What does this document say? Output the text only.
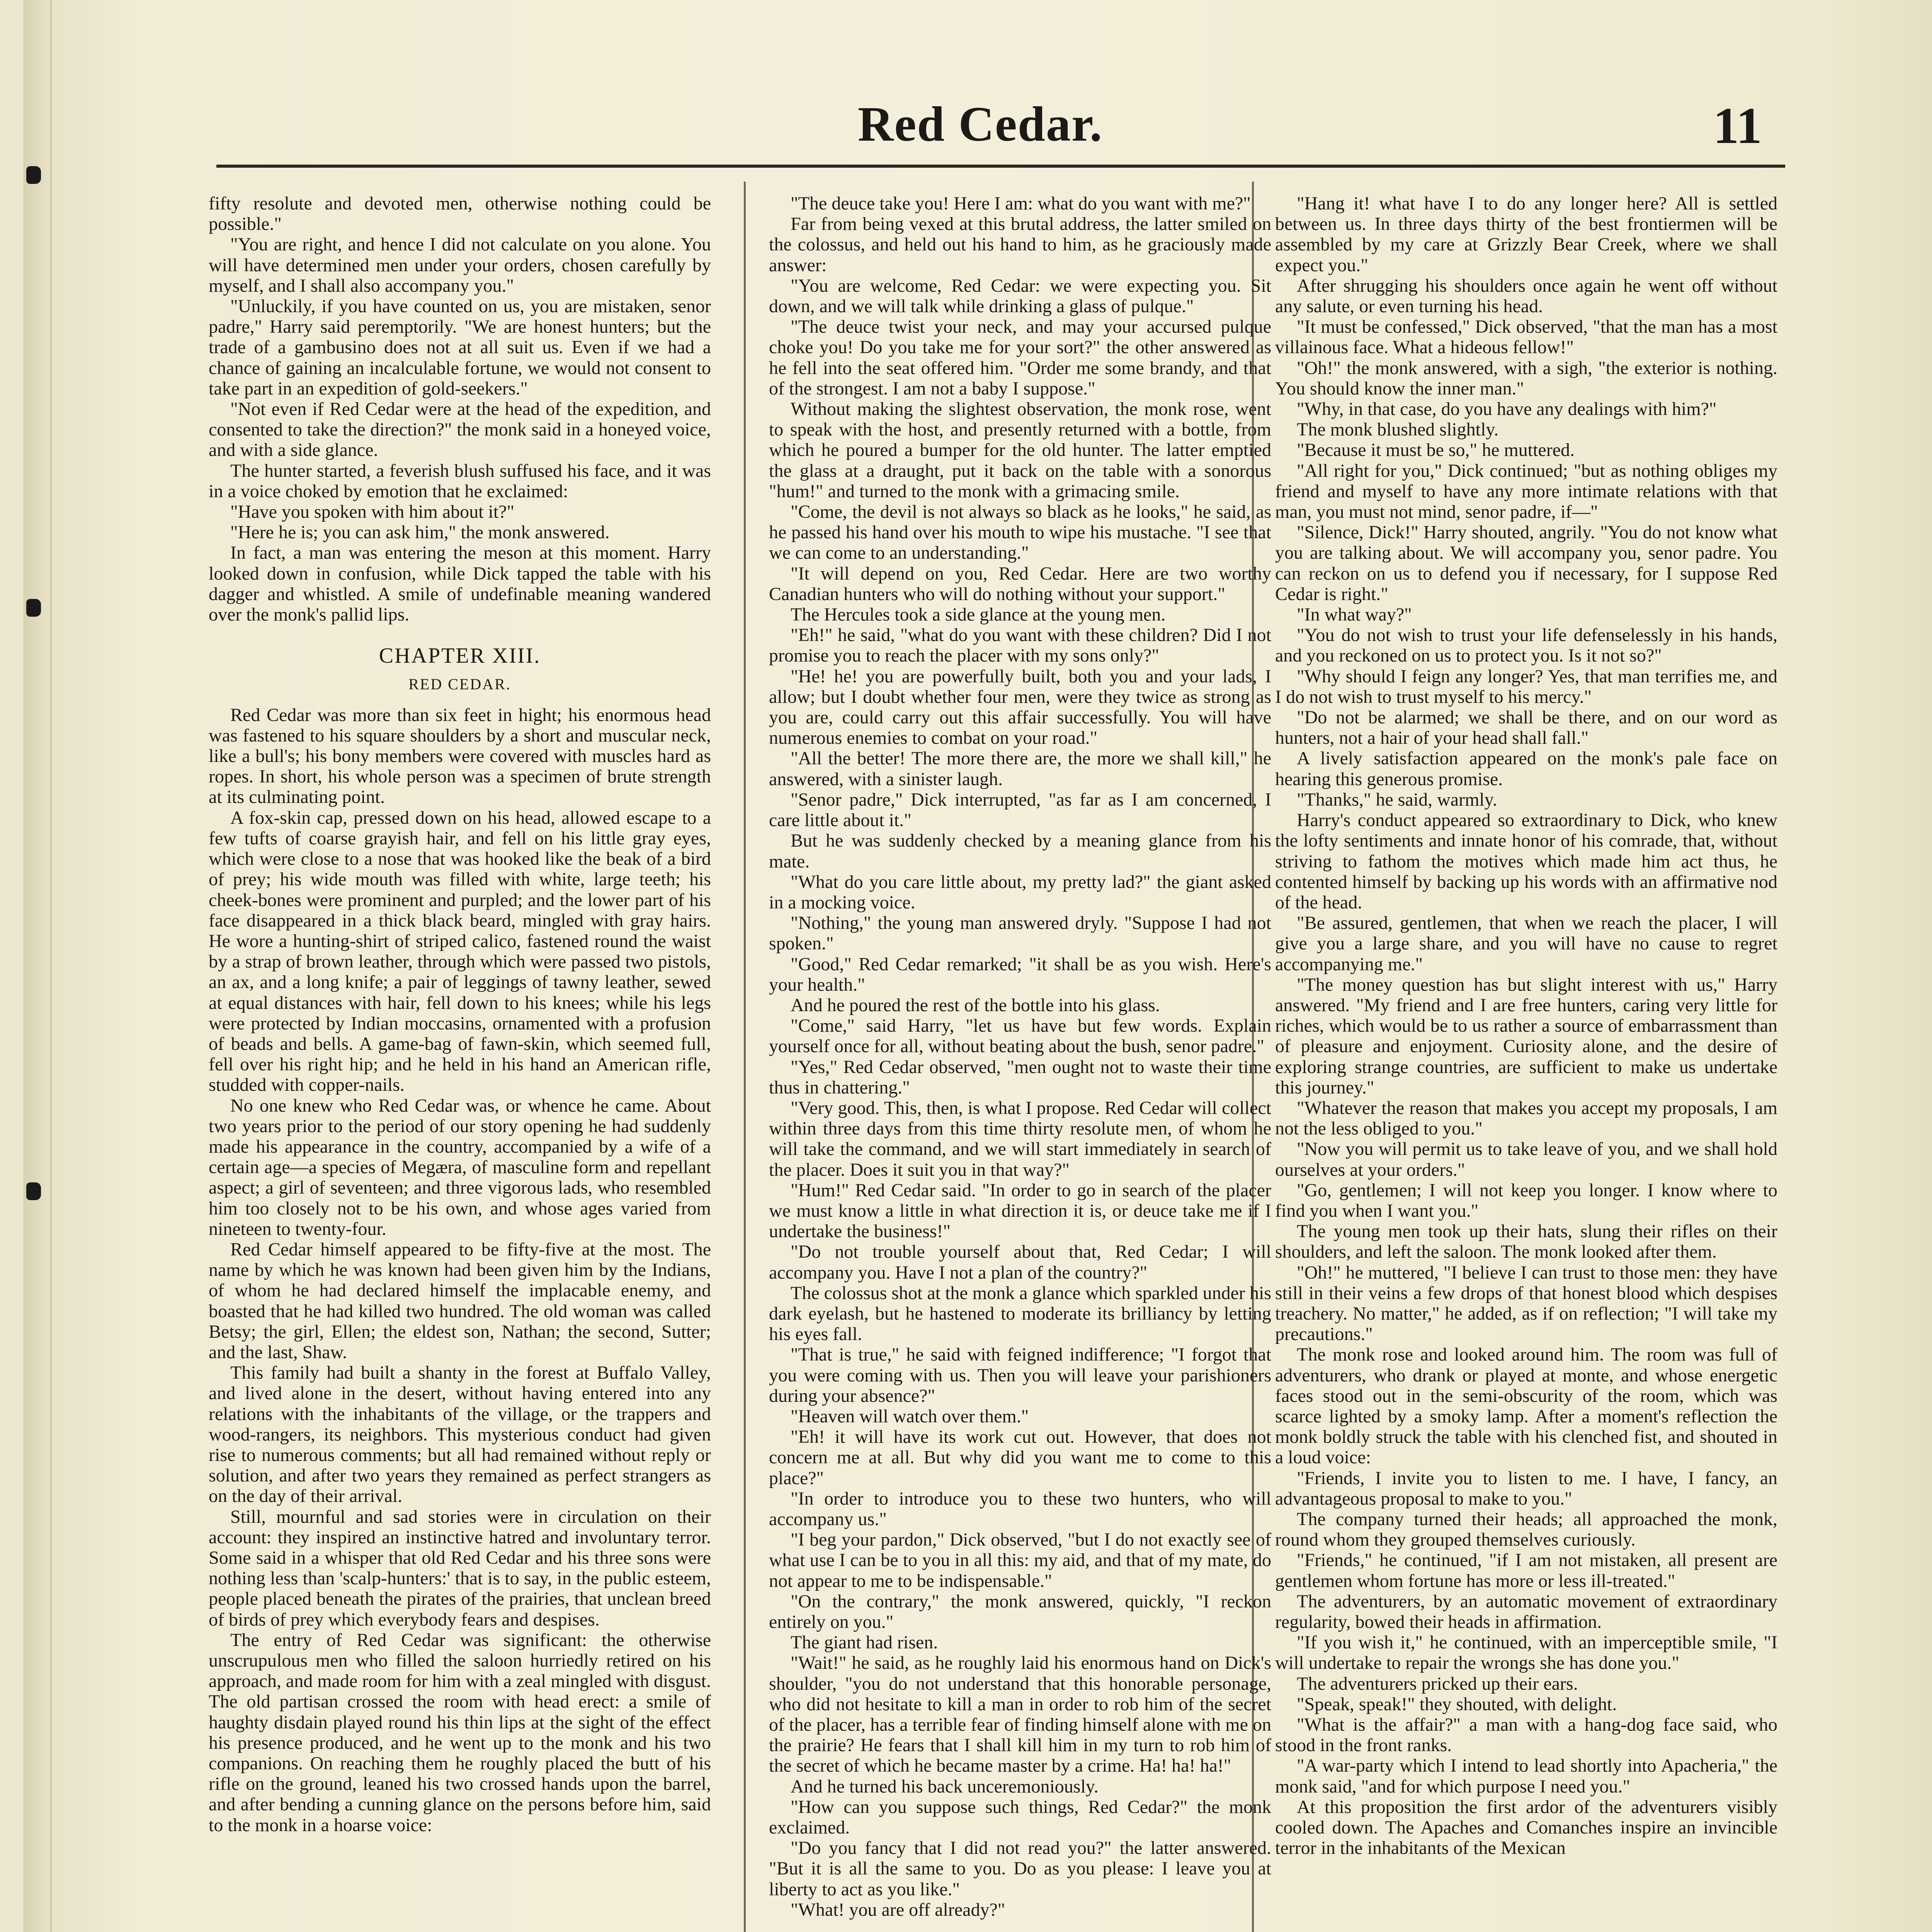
Red Cedar.	11

fifty resolute and devoted men, otherwise nothing could be possible."

"You are right, and hence I did not calculate on you alone. You will have determined men under your orders, chosen carefully by myself, and I shall also accompany you."

"Unluckily, if you have counted on us, you are mistaken, senor padre," Harry said peremptorily. "We are honest hunters; but the trade of a gambusino does not at all suit us. Even if we had a chance of gaining an incalculable fortune, we would not consent to take part in an expedition of gold-seekers."

"Not even if Red Cedar were at the head of the expedition, and consented to take the direction?" the monk said in a honeyed voice, and with a side glance.

The hunter started, a feverish blush suffused his face, and it was in a voice choked by emotion that he exclaimed:

"Have you spoken with him about it?"

"Here he is; you can ask him," the monk answered.

In fact, a man was entering the meson at this moment. Harry looked down in confusion, while Dick tapped the table with his dagger and whistled. A smile of undefinable meaning wandered over the monk's pallid lips.

CHAPTER XIII.
RED CEDAR.

Red Cedar was more than six feet in hight; his enormous head was fastened to his square shoulders by a short and muscular neck, like a bull's; his bony members were covered with muscles hard as ropes. In short, his whole person was a specimen of brute strength at its culminating point.

A fox-skin cap, pressed down on his head, allowed escape to a few tufts of coarse grayish hair, and fell on his little gray eyes, which were close to a nose that was hooked like the beak of a bird of prey; his wide mouth was filled with white, large teeth; his cheek-bones were prominent and purpled; and the lower part of his face disappeared in a thick black beard, mingled with gray hairs. He wore a hunting-shirt of striped calico, fastened round the waist by a strap of brown leather, through which were passed two pistols, an ax, and a long knife; a pair of leggings of tawny leather, sewed at equal distances with hair, fell down to his knees; while his legs were protected by Indian moccasins, ornamented with a profusion of beads and bells. A game-bag of fawn-skin, which seemed full, fell over his right hip; and he held in his hand an American rifle, studded with copper-nails.

No one knew who Red Cedar was, or whence he came. About two years prior to the period of our story opening he had suddenly made his appearance in the country, accompanied by a wife of a certain age—a species of Megæra, of masculine form and repellant aspect; a girl of seventeen; and three vigorous lads, who resembled him too closely not to be his own, and whose ages varied from nineteen to twenty-four.

Red Cedar himself appeared to be fifty-five at the most. The name by which he was known had been given him by the Indians, of whom he had declared himself the implacable enemy, and boasted that he had killed two hundred. The old woman was called Betsy; the girl, Ellen; the eldest son, Nathan; the second, Sutter; and the last, Shaw.

This family had built a shanty in the forest at Buffalo Valley, and lived alone in the desert, without having entered into any relations with the inhabitants of the village, or the trappers and wood-rangers, its neighbors. This mysterious conduct had given rise to numerous comments; but all had remained without reply or solution, and after two years they remained as perfect strangers as on the day of their arrival.

Still, mournful and sad stories were in circulation on their account: they inspired an instinctive hatred and involuntary terror. Some said in a whisper that old Red Cedar and his three sons were nothing less than 'scalp-hunters:' that is to say, in the public esteem, people placed beneath the pirates of the prairies, that unclean breed of birds of prey which everybody fears and despises.

The entry of Red Cedar was significant: the otherwise unscrupulous men who filled the saloon hurriedly retired on his approach, and made room for him with a zeal mingled with disgust. The old partisan crossed the room with head erect: a smile of haughty disdain played round his thin lips at the sight of the effect his presence produced, and he went up to the monk and his two companions. On reaching them he roughly placed the butt of his rifle on the ground, leaned his two crossed hands upon the barrel, and after bending a cunning glance on the persons before him, said to the monk in a hoarse voice:

"The deuce take you! Here I am: what do you want with me?"

Far from being vexed at this brutal address, the latter smiled on the colossus, and held out his hand to him, as he graciously made answer:

"You are welcome, Red Cedar: we were expecting you. Sit down, and we will talk while drinking a glass of pulque."

"The deuce twist your neck, and may your accursed pulque choke you! Do you take me for your sort?" the other answered as he fell into the seat offered him. "Order me some brandy, and that of the strongest. I am not a baby I suppose."

Without making the slightest observation, the monk rose, went to speak with the host, and presently returned with a bottle, from which he poured a bumper for the old hunter. The latter emptied the glass at a draught, put it back on the table with a sonorous "hum!" and turned to the monk with a grimacing smile.

"Come, the devil is not always so black as he looks," he said, as he passed his hand over his mouth to wipe his mustache. "I see that we can come to an understanding."

"It will depend on you, Red Cedar. Here are two worthy Canadian hunters who will do nothing without your support."

The Hercules took a side glance at the young men.

"Eh!" he said, "what do you want with these children? Did I not promise you to reach the placer with my sons only?"

"He! he! you are powerfully built, both you and your lads, I allow; but I doubt whether four men, were they twice as strong as you are, could carry out this affair successfully. You will have numerous enemies to combat on your road."

"All the better! The more there are, the more we shall kill," he answered, with a sinister laugh.

"Senor padre," Dick interrupted, "as far as I am concerned, I care little about it."

But he was suddenly checked by a meaning glance from his mate.

"What do you care little about, my pretty lad?" the giant asked in a mocking voice.

"Nothing," the young man answered dryly. "Suppose I had not spoken."

"Good," Red Cedar remarked; "it shall be as you wish. Here's your health."

And he poured the rest of the bottle into his glass.

"Come," said Harry, "let us have but few words. Explain yourself once for all, without beating about the bush, senor padre."

"Yes," Red Cedar observed, "men ought not to waste their time thus in chattering."

"Very good. This, then, is what I propose. Red Cedar will collect within three days from this time thirty resolute men, of whom he will take the command, and we will start immediately in search of the placer. Does it suit you in that way?"

"Hum!" Red Cedar said. "In order to go in search of the placer we must know a little in what direction it is, or deuce take me if I undertake the business!"

"Do not trouble yourself about that, Red Cedar; I will accompany you. Have I not a plan of the country?"

The colossus shot at the monk a glance which sparkled under his dark eyelash, but he hastened to moderate its brilliancy by letting his eyes fall.

"That is true," he said with feigned indifference; "I forgot that you were coming with us. Then you will leave your parishioners during your absence?"

"Heaven will watch over them."

"Eh! it will have its work cut out. However, that does not concern me at all. But why did you want me to come to this place?"

"In order to introduce you to these two hunters, who will accompany us."

"I beg your pardon," Dick observed, "but I do not exactly see of what use I can be to you in all this: my aid, and that of my mate, do not appear to me to be indispensable."

"On the contrary," the monk answered, quickly, "I reckon entirely on you."

The giant had risen.

"Wait!" he said, as he roughly laid his enormous hand on Dick's shoulder, "you do not understand that this honorable personage, who did not hesitate to kill a man in order to rob him of the secret of the placer, has a terrible fear of finding himself alone with me on the prairie? He fears that I shall kill him in my turn to rob him of the secret of which he became master by a crime. Ha! ha! ha!"

And he turned his back unceremoniously.

"How can you suppose such things, Red Cedar?" the monk exclaimed.

"Do you fancy that I did not read you?" the latter answered. "But it is all the same to you. Do as you please: I leave you at liberty to act as you like."

"What! you are off already?"

"Hang it! what have I to do any longer here? All is settled between us. In three days thirty of the best frontiermen will be assembled by my care at Grizzly Bear Creek, where we shall expect you."

After shrugging his shoulders once again he went off without any salute, or even turning his head.

"It must be confessed," Dick observed, "that the man has a most villainous face. What a hideous fellow!"

"Oh!" the monk answered, with a sigh, "the exterior is nothing. You should know the inner man."

"Why, in that case, do you have any dealings with him?"

The monk blushed slightly.

"Because it must be so," he muttered.

"All right for you," Dick continued; "but as nothing obliges my friend and myself to have any more intimate relations with that man, you must not mind, senor padre, if—"

"Silence, Dick!" Harry shouted, angrily. "You do not know what you are talking about. We will accompany you, senor padre. You can reckon on us to defend you if necessary, for I suppose Red Cedar is right."

"In what way?"

"You do not wish to trust your life defenselessly in his hands, and you reckoned on us to protect you. Is it not so?"

"Why should I feign any longer? Yes, that man terrifies me, and I do not wish to trust myself to his mercy."

"Do not be alarmed; we shall be there, and on our word as hunters, not a hair of your head shall fall."

A lively satisfaction appeared on the monk's pale face on hearing this generous promise.

"Thanks," he said, warmly.

Harry's conduct appeared so extraordinary to Dick, who knew the lofty sentiments and innate honor of his comrade, that, without striving to fathom the motives which made him act thus, he contented himself by backing up his words with an affirmative nod of the head.

"Be assured, gentlemen, that when we reach the placer, I will give you a large share, and you will have no cause to regret accompanying me."

"The money question has but slight interest with us," Harry answered. "My friend and I are free hunters, caring very little for riches, which would be to us rather a source of embarrassment than of pleasure and enjoyment. Curiosity alone, and the desire of exploring strange countries, are sufficient to make us undertake this journey."

"Whatever the reason that makes you accept my proposals, I am not the less obliged to you."

"Now you will permit us to take leave of you, and we shall hold ourselves at your orders."

"Go, gentlemen; I will not keep you longer. I know where to find you when I want you."

The young men took up their hats, slung their rifles on their shoulders, and left the saloon. The monk looked after them.

"Oh!" he muttered, "I believe I can trust to those men: they have still in their veins a few drops of that honest blood which despises treachery. No matter," he added, as if on reflection; "I will take my precautions."

The monk rose and looked around him. The room was full of adventurers, who drank or played at monte, and whose energetic faces stood out in the semi-obscurity of the room, which was scarce lighted by a smoky lamp. After a moment's reflection the monk boldly struck the table with his clenched fist, and shouted in a loud voice:

"Friends, I invite you to listen to me. I have, I fancy, an advantageous proposal to make to you."

The company turned their heads; all approached the monk, round whom they grouped themselves curiously.

"Friends," he continued, "if I am not mistaken, all present are gentlemen whom fortune has more or less ill-treated."

The adventurers, by an automatic movement of extraordinary regularity, bowed their heads in affirmation.

"If you wish it," he continued, with an imperceptible smile, "I will undertake to repair the wrongs she has done you."

The adventurers pricked up their ears.

"Speak, speak!" they shouted, with delight.

"What is the affair?" a man with a hang-dog face said, who stood in the front ranks.

"A war-party which I intend to lead shortly into Apacheria," the monk said, "and for which purpose I need you."

At this proposition the first ardor of the adventurers visibly cooled down. The Apaches and Comanches inspire an invincible terror in the inhabitants of the Mexican
